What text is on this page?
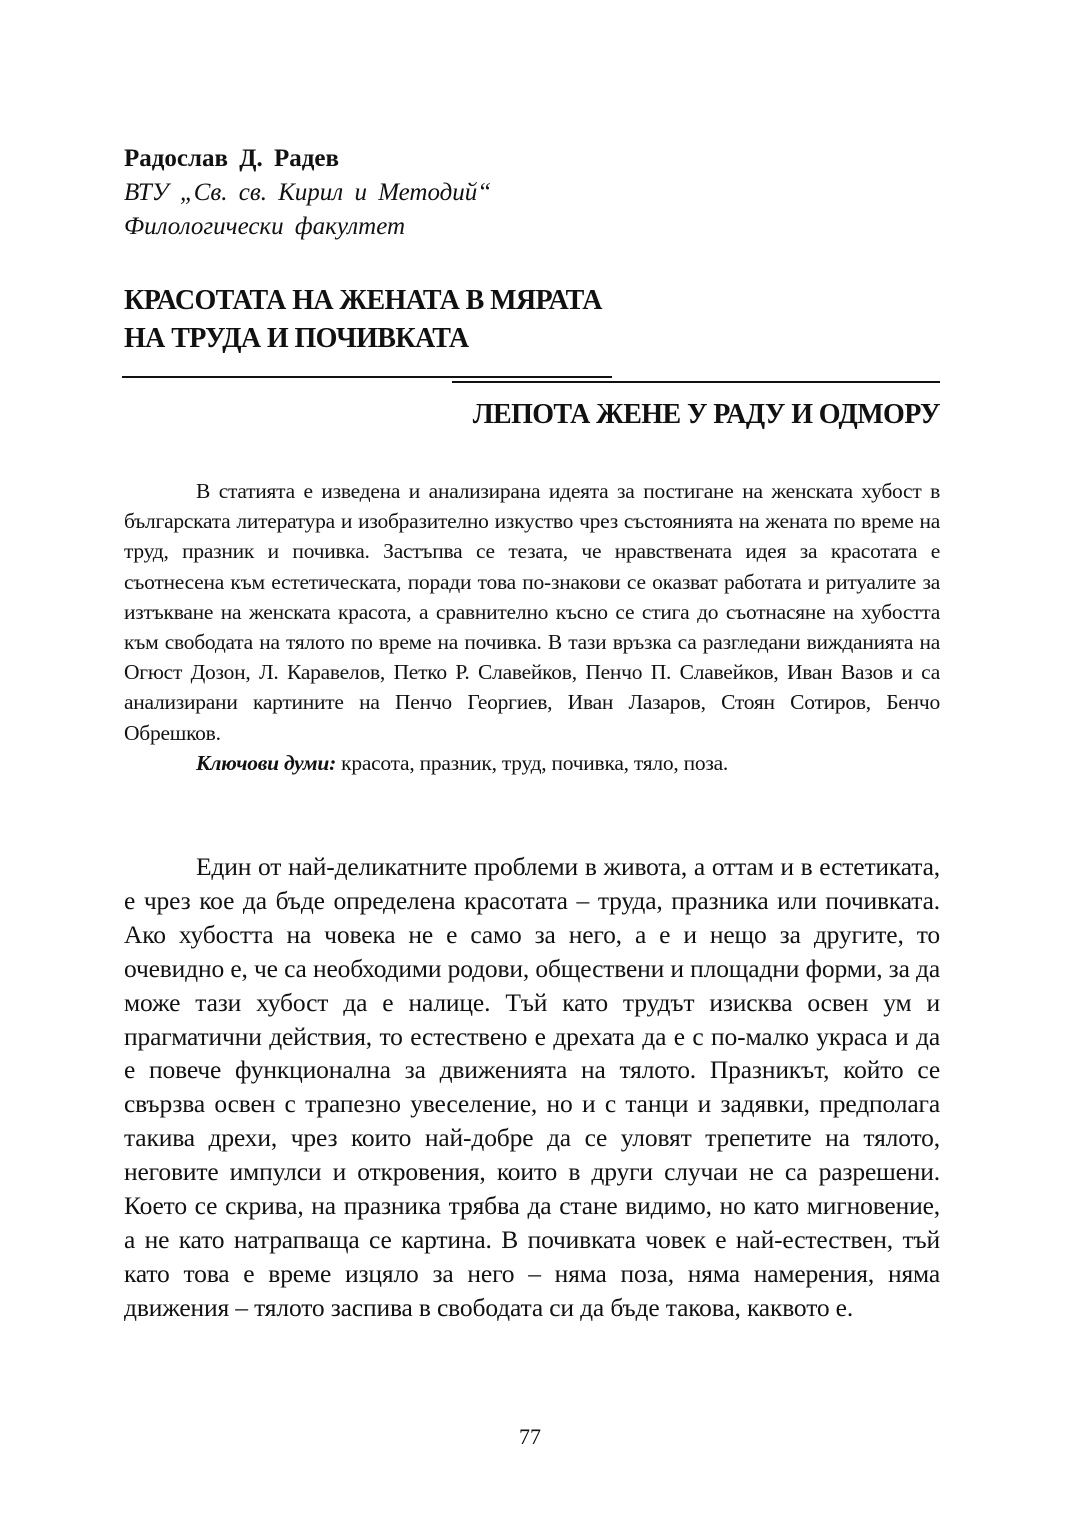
Радослав Д. Радев
ВТУ „Св. св. Кирил и Методий“
Филологически факултет
КРАСОТАТА НА ЖЕНАТА В МЯРАТА
НА ТРУДА И ПОЧИВКАТА
ЛЕПОТА ЖЕНЕ У РАДУ И ОДМОРУ

В статията е изведена и анализирана идеята за постигане на женската хубост в българската литература и изобразително изкуство чрез състоянията на жената по време на труд, празник и почивка. Застъпва се тезата, че нравствената идея за красотата е съотнесена към естетическата, поради това по-знакови се оказват работата и ритуалите за изтъкване на женската красота, а сравнително късно се стига до съотнасяне на хубостта към свободата на тялото по време на почивка. В тази връзка са разгледани вижданията на Огюст Дозон, Л. Каравелов, Петко Р. Славейков, Пенчо П. Славейков, Иван Вазов и са анализирани картините на Пенчо Георгиев, Иван Лазаров, Стоян Сотиров, Бенчо Обрешков.

Ключови думи: красота, празник, труд, почивка, тяло, поза.

Един от най-деликатните проблеми в живота, а оттам и в естетиката, е чрез кое да бъде определена красотата – труда, празника или почивката. Ако хубостта на човека не е само за него, а е и нещо за другите, то очевидно е, че са необходими родови, обществени и площадни форми, за да може тази хубост да е налице. Тъй като трудът изисква освен ум и прагматични действия, то естествено е дрехата да е с по-малко украса и да е повече функционална за движенията на тялото. Празникът, който се свързва освен с трапезно увеселение, но и с танци и задявки, предполага такива дрехи, чрез които най-добре да се уловят трепетите на тялото, неговите импулси и откровения, които в други случаи не са разрешени. Което се скрива, на празника трябва да стане видимо, но като мигновение, а не като натрапваща се картина. В почивката човек е най-естествен, тъй като това е време изцяло за него – няма поза, няма намерения, няма движения – тялото заспива в свободата си да бъде такова, каквото е.

77
